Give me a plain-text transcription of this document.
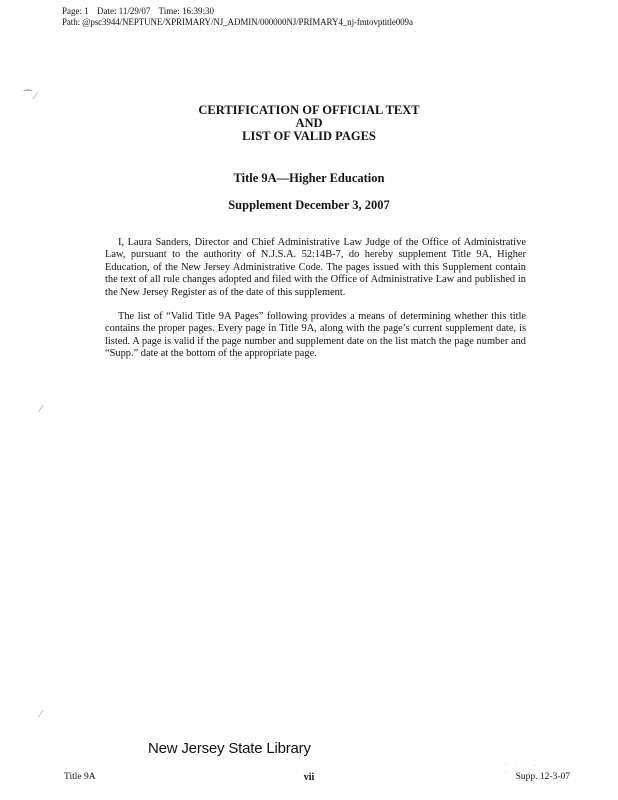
Page: 1 Date: 11/29/07 Time: 16:39:30
Path: @psc3944/NEPTUNE/XPRIMARY/NJ_ADMIN/000000NJ/PRIMARY4_nj-fmtovptitle009a
⁀ ⁄
⁄
⁄
CERTIFICATION OF OFFICIAL TEXT
AND
LIST OF VALID PAGES
Title 9A—Higher Education
Supplement December 3, 2007
I, Laura Sanders, Director and Chief Administrative Law Judge of the Office of Administrative Law, pursuant to the authority of N.J.S.A. 52:14B-7, do hereby supplement Title 9A, Higher Education, of the New Jersey Administrative Code. The pages issued with this Supplement contain the text of all rule changes adopted and filed with the Office of Administrative Law and published in the New Jersey Register as of the date of this supplement.
The list of “Valid Title 9A Pages” following provides a means of determining whether this title contains the proper pages. Every page in Title 9A, along with the page’s current supplement date, is listed. A page is valid if the page number and supplement date on the list match the page number and “Supp.” date at the bottom of the appropriate page.
New Jersey State Library
· ˙ · .
. ·
Title 9A	vii	Supp. 12-3-07
